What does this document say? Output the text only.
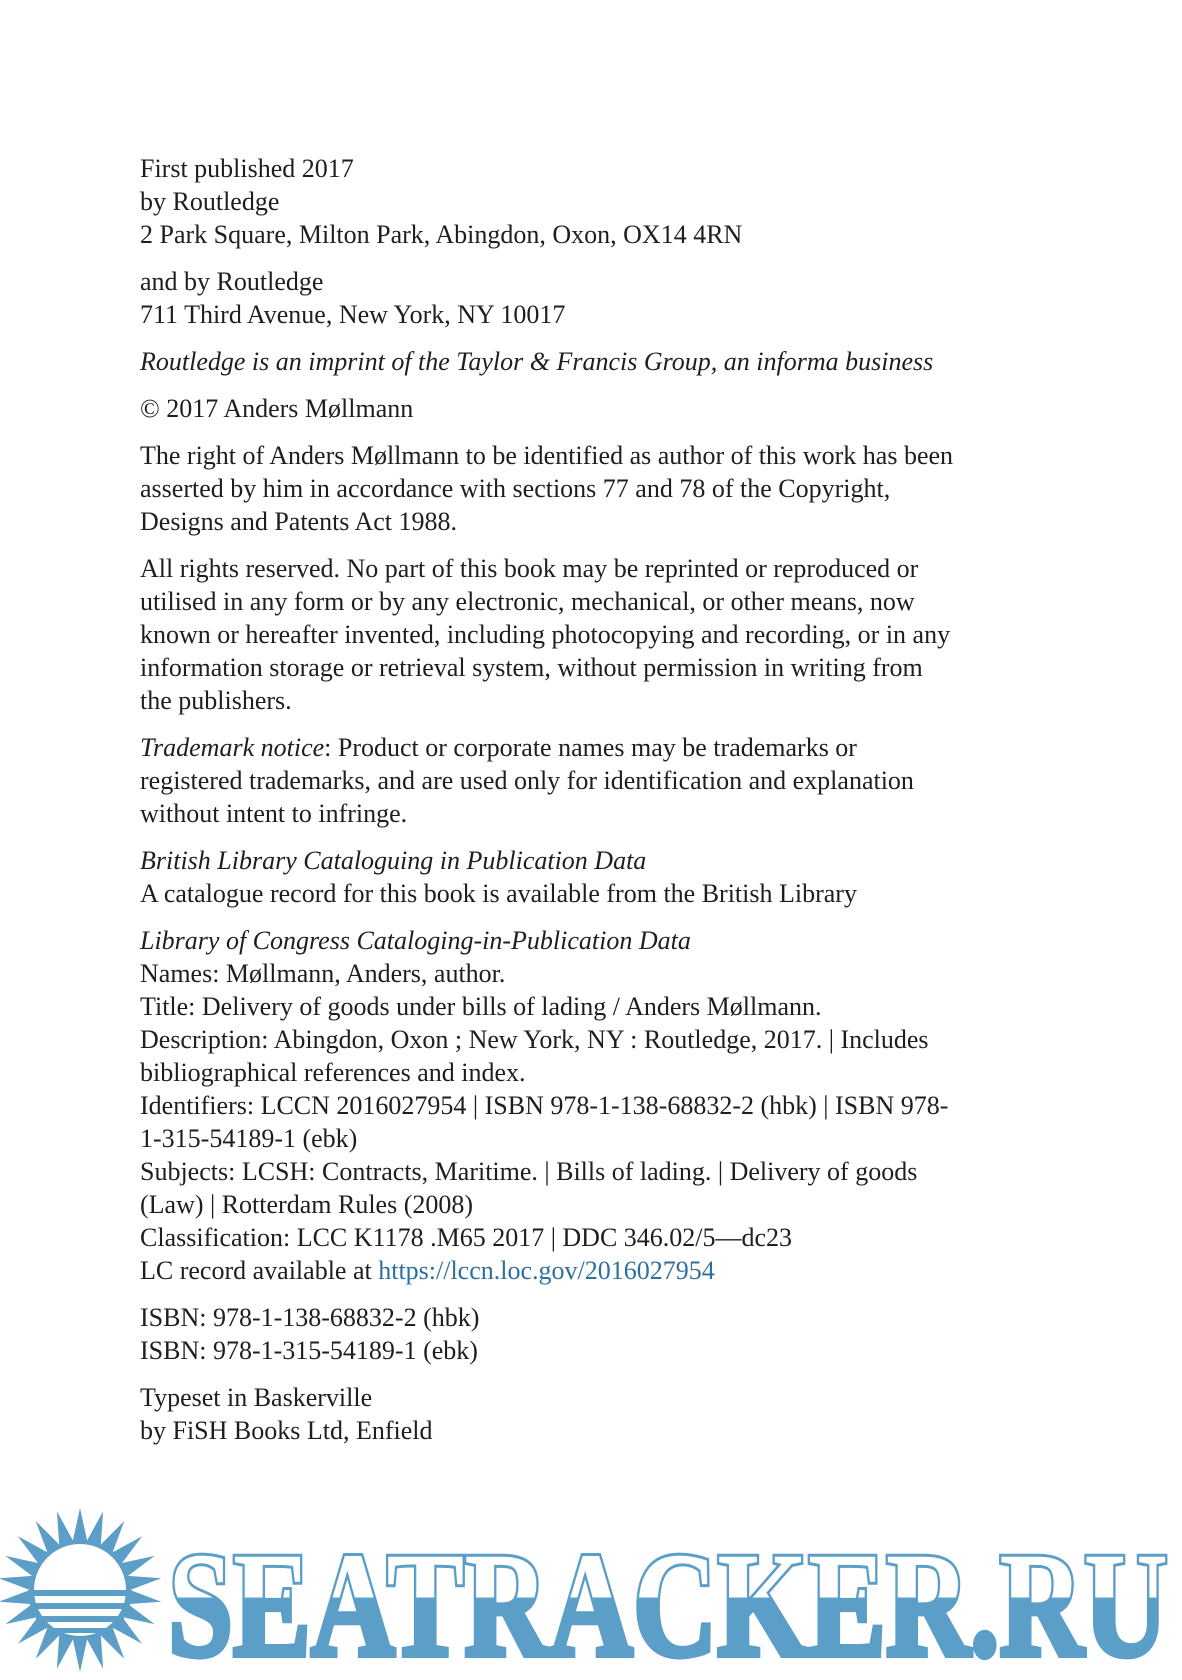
First published 2017
by Routledge
2 Park Square, Milton Park, Abingdon, Oxon, OX14 4RN
and by Routledge
711 Third Avenue, New York, NY 10017
Routledge is an imprint of the Taylor & Francis Group, an informa business
© 2017 Anders Møllmann
The right of Anders Møllmann to be identified as author of this work has been
asserted by him in accordance with sections 77 and 78 of the Copyright,
Designs and Patents Act 1988.
All rights reserved. No part of this book may be reprinted or reproduced or
utilised in any form or by any electronic, mechanical, or other means, now
known or hereafter invented, including photocopying and recording, or in any
information storage or retrieval system, without permission in writing from
the publishers.
Trademark notice: Product or corporate names may be trademarks or
registered trademarks, and are used only for identification and explanation
without intent to infringe.
British Library Cataloguing in Publication Data
A catalogue record for this book is available from the British Library
Library of Congress Cataloging-in-Publication Data
Names: Møllmann, Anders, author.
Title: Delivery of goods under bills of lading / Anders Møllmann.
Description: Abingdon, Oxon ; New York, NY : Routledge, 2017. | Includes
bibliographical references and index.
Identifiers: LCCN 2016027954 | ISBN 978-1-138-68832-2 (hbk) | ISBN 978-
1-315-54189-1 (ebk)
Subjects: LCSH: Contracts, Maritime. | Bills of lading. | Delivery of goods
(Law) | Rotterdam Rules (2008)
Classification: LCC K1178 .M65 2017 | DDC 346.02/5—dc23
LC record available at https://lccn.loc.gov/2016027954
ISBN: 978-1-138-68832-2 (hbk)
ISBN: 978-1-315-54189-1 (ebk)
Typeset in Baskerville
by FiSH Books Ltd, Enfield
SEATRACKER.RU
